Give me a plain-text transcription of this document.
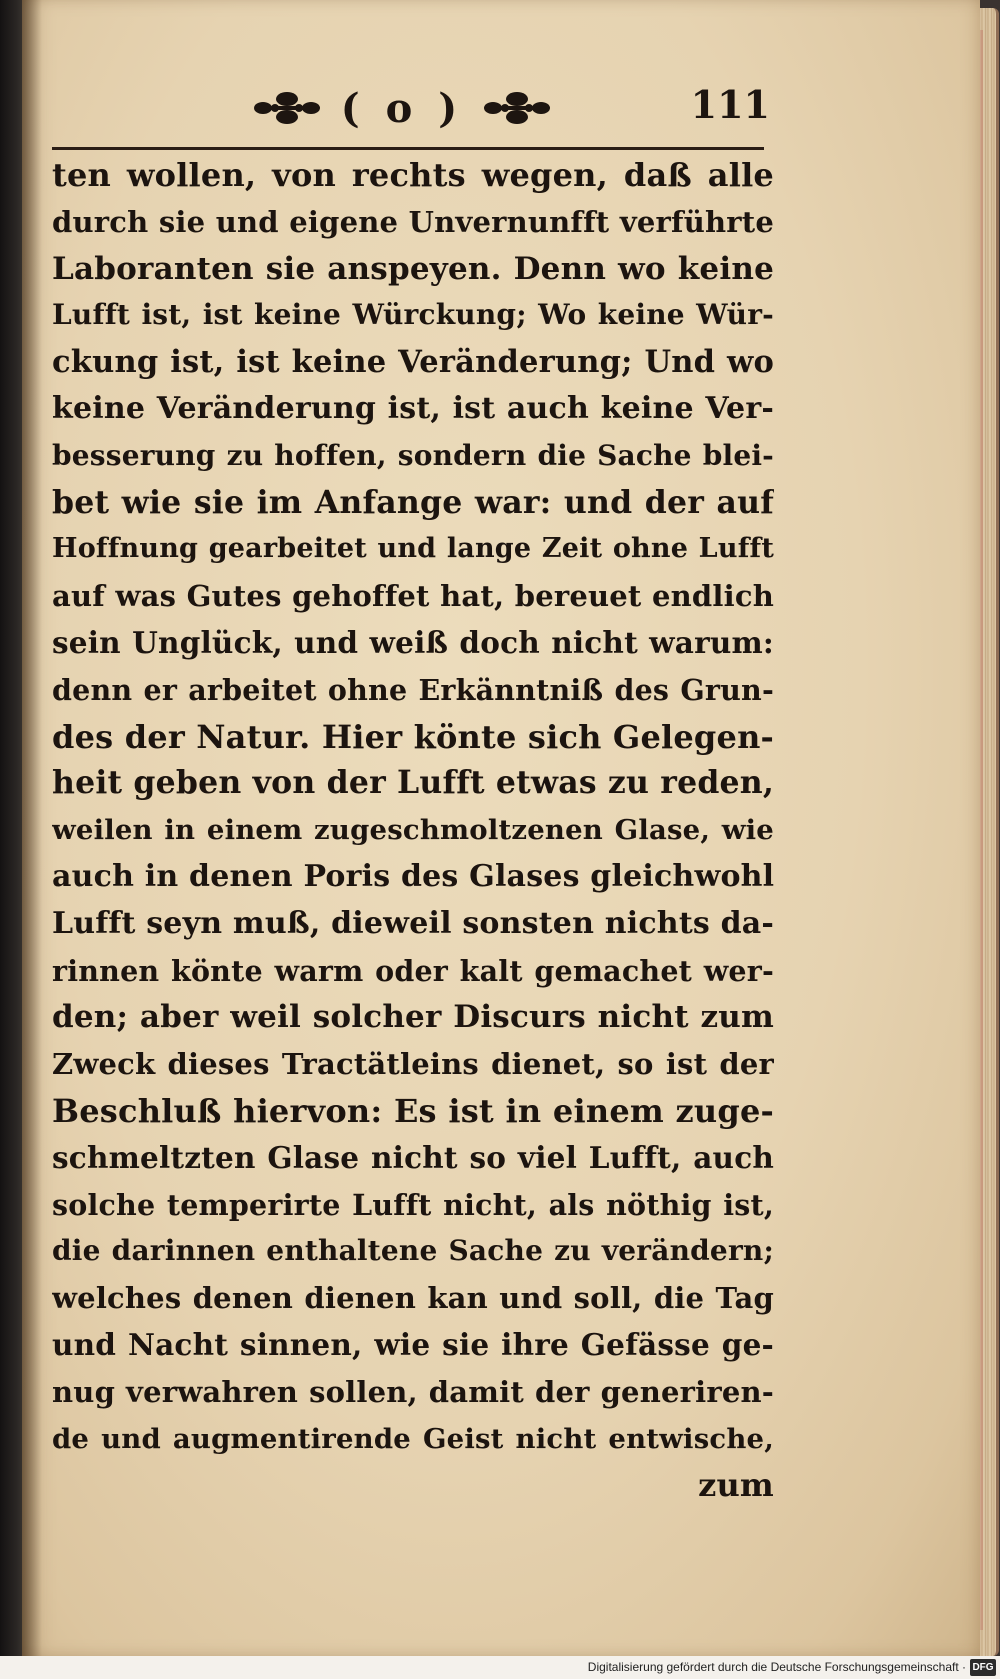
( o )	111
ten wollen, von rechts wegen, daß alle
durch sie und eigene Unvernunfft verführte
Laboranten sie anspeyen. Denn wo keine
Lufft ist, ist keine Würckung; Wo keine Wür-
ckung ist, ist keine Veränderung; Und wo
keine Veränderung ist, ist auch keine Ver-
besserung zu hoffen, sondern die Sache blei-
bet wie sie im Anfange war: und der auf
Hoffnung gearbeitet und lange Zeit ohne Lufft
auf was Gutes gehoffet hat, bereuet endlich
sein Unglück, und weiß doch nicht warum:
denn er arbeitet ohne Erkänntniß des Grun-
des der Natur. Hier könte sich Gelegen-
heit geben von der Lufft etwas zu reden,
weilen in einem zugeschmoltzenen Glase, wie
auch in denen Poris des Glases gleichwohl
Lufft seyn muß, dieweil sonsten nichts da-
rinnen könte warm oder kalt gemachet wer-
den; aber weil solcher Discurs nicht zum
Zweck dieses Tractätleins dienet, so ist der
Beschluß hiervon: Es ist in einem zuge-
schmeltzten Glase nicht so viel Lufft, auch
solche temperirte Lufft nicht, als nöthig ist,
die darinnen enthaltene Sache zu verändern;
welches denen dienen kan und soll, die Tag
und Nacht sinnen, wie sie ihre Gefässe ge-
nug verwahren sollen, damit der generiren-
de und augmentirende Geist nicht entwische,
zum
Digitalisierung gefördert durch die Deutsche Forschungsgemeinschaft · DFG
